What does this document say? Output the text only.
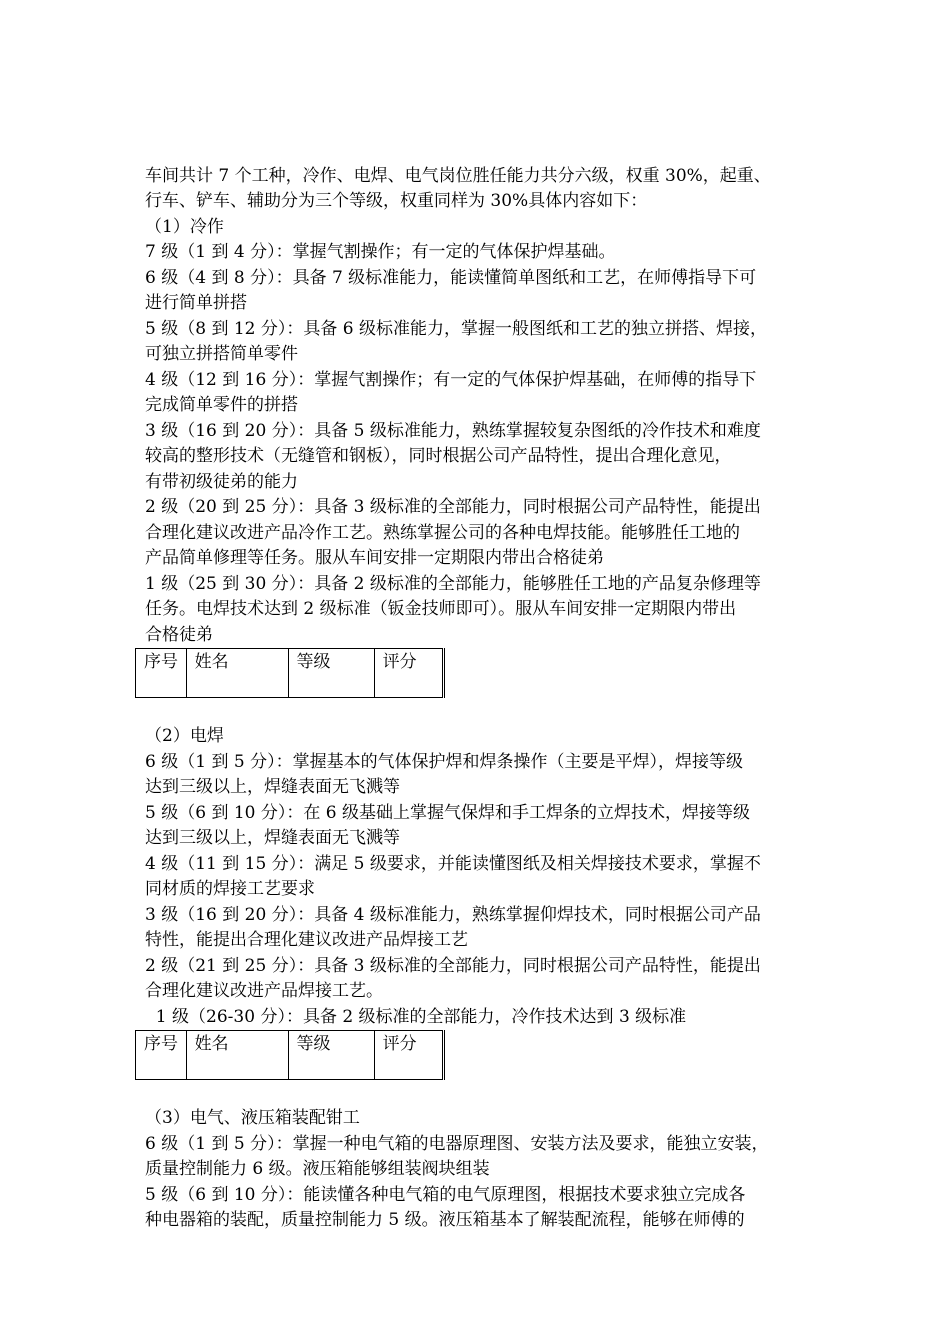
车间共计 7 个工种，冷作、电焊、电气岗位胜任能力共分六级，权重 30%，起重、
行车、铲车、辅助分为三个等级，权重同样为 30%具体内容如下：
（1）冷作
7 级（1 到 4 分）：掌握气割操作；有一定的气体保护焊基础。
6 级（4 到 8 分）：具备 7 级标准能力，能读懂简单图纸和工艺，在师傅指导下可
进行简单拼搭
5 级（8 到 12 分）：具备 6 级标准能力，掌握一般图纸和工艺的独立拼搭、焊接，
可独立拼搭简单零件
4 级（12 到 16 分）：掌握气割操作；有一定的气体保护焊基础，在师傅的指导下
完成简单零件的拼搭
3 级（16 到 20 分）：具备 5 级标准能力，熟练掌握较复杂图纸的冷作技术和难度
较高的整形技术（无缝管和钢板），同时根据公司产品特性，提出合理化意见，
有带初级徒弟的能力
2 级（20 到 25 分）：具备 3 级标准的全部能力，同时根据公司产品特性，能提出
合理化建议改进产品冷作工艺。熟练掌握公司的各种电焊技能。能够胜任工地的
产品简单修理等任务。服从车间安排一定期限内带出合格徒弟
1 级（25 到 30 分）：具备 2 级标准的全部能力，能够胜任工地的产品复杂修理等
任务。电焊技术达到 2 级标准（钣金技师即可）。服从车间安排一定期限内带出
合格徒弟
序号	姓名	等级	评分
（2）电焊
6 级（1 到 5 分）：掌握基本的气体保护焊和焊条操作（主要是平焊），焊接等级
达到三级以上，焊缝表面无飞溅等
5 级（6 到 10 分）：在 6 级基础上掌握气保焊和手工焊条的立焊技术，焊接等级
达到三级以上，焊缝表面无飞溅等
4 级（11 到 15 分）：满足 5 级要求，并能读懂图纸及相关焊接技术要求，掌握不
同材质的焊接工艺要求
3 级（16 到 20 分）：具备 4 级标准能力，熟练掌握仰焊技术，同时根据公司产品
特性，能提出合理化建议改进产品焊接工艺
2 级（21 到 25 分）：具备 3 级标准的全部能力，同时根据公司产品特性，能提出
合理化建议改进产品焊接工艺。
1 级（26-30 分）：具备 2 级标准的全部能力，冷作技术达到 3 级标准
序号	姓名	等级	评分
（3）电气、液压箱装配钳工
6 级（1 到 5 分）：掌握一种电气箱的电器原理图、安装方法及要求，能独立安装，
质量控制能力 6 级。液压箱能够组装阀块组装
5 级（6 到 10 分）：能读懂各种电气箱的电气原理图，根据技术要求独立完成各
种电器箱的装配，质量控制能力 5 级。液压箱基本了解装配流程，能够在师傅的
